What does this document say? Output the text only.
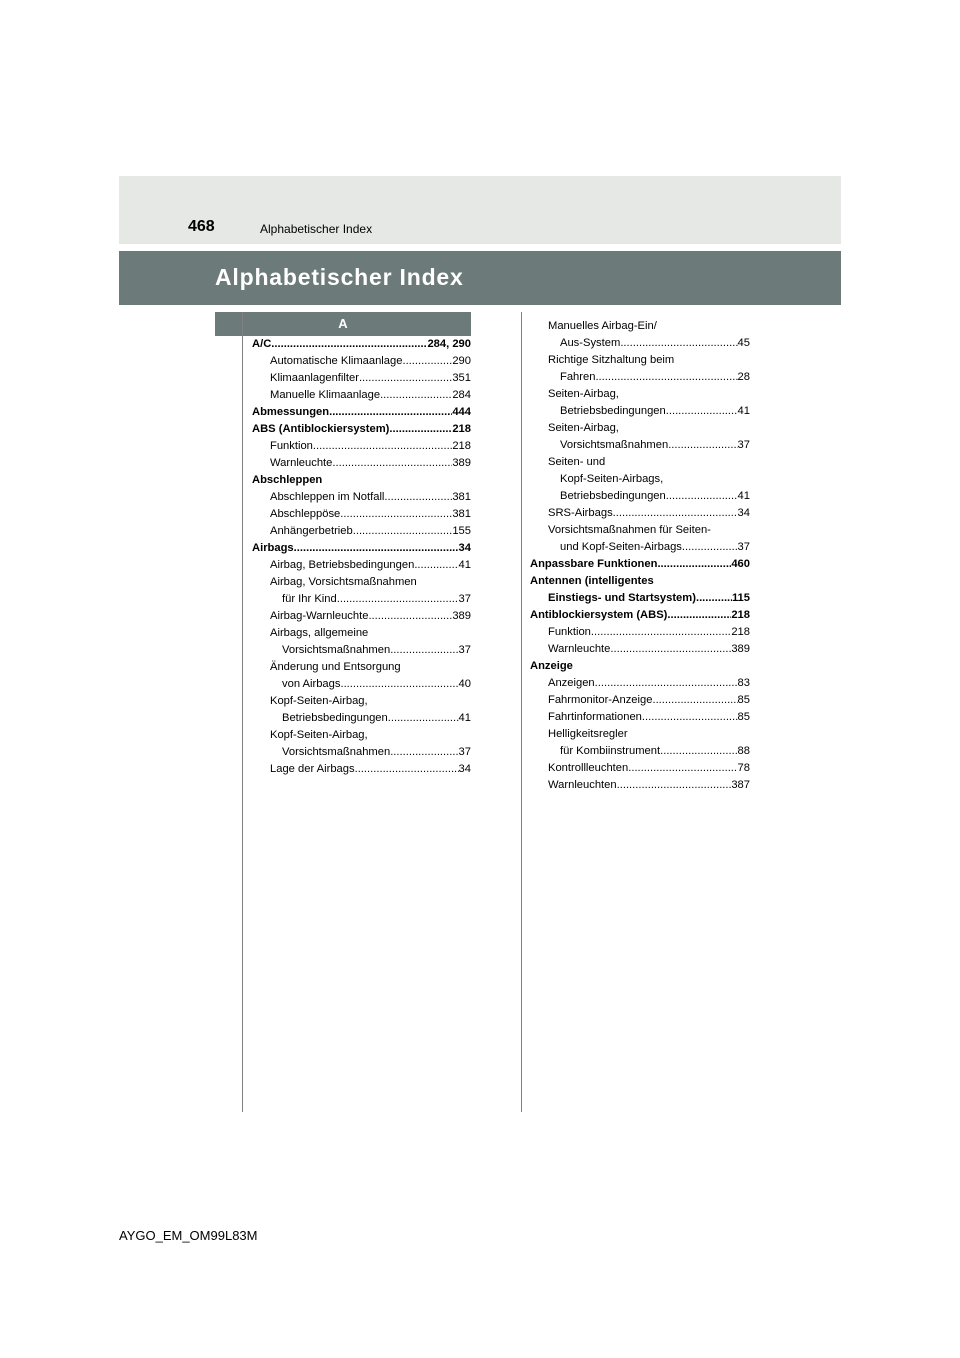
468	Alphabetischer Index
Alphabetischer Index
A
A/C .....	284, 290
Automatische Klimaanlage .....	290
Klimaanlagenfilter .....	351
Manuelle Klimaanlage .....	284
Abmessungen .....	444
ABS (Antiblockiersystem) .....	218
Funktion .....	218
Warnleuchte .....	389
Abschleppen
Abschleppen im Notfall .....	381
Abschleppöse .....	381
Anhängerbetrieb .....	155
Airbags .....	34
Airbag, Betriebsbedingungen .....	41
Airbag, Vorsichtsmaßnahmen
für Ihr Kind .....	37
Airbag-Warnleuchte .....	389
Airbags, allgemeine
Vorsichtsmaßnahmen .....	37
Änderung und Entsorgung
von Airbags .....	40
Kopf-Seiten-Airbag,
Betriebsbedingungen .....	41
Kopf-Seiten-Airbag,
Vorsichtsmaßnahmen .....	37
Lage der Airbags .....	34
Manuelles Airbag-Ein/
Aus-System .....	45
Richtige Sitzhaltung beim
Fahren .....	28
Seiten-Airbag,
Betriebsbedingungen .....	41
Seiten-Airbag,
Vorsichtsmaßnahmen .....	37
Seiten- und
Kopf-Seiten-Airbags,
Betriebsbedingungen .....	41
SRS-Airbags .....	34
Vorsichtsmaßnahmen für Seiten-
und Kopf-Seiten-Airbags .....	37
Anpassbare Funktionen .....	460
Antennen (intelligentes
Einstiegs- und Startsystem) .....	115
Antiblockiersystem (ABS) .....	218
Funktion .....	218
Warnleuchte .....	389
Anzeige
Anzeigen .....	83
Fahrmonitor-Anzeige .....	85
Fahrtinformationen .....	85
Helligkeitsregler
für Kombiinstrument .....	88
Kontrollleuchten .....	78
Warnleuchten .....	387
AYGO_EM_OM99L83M
